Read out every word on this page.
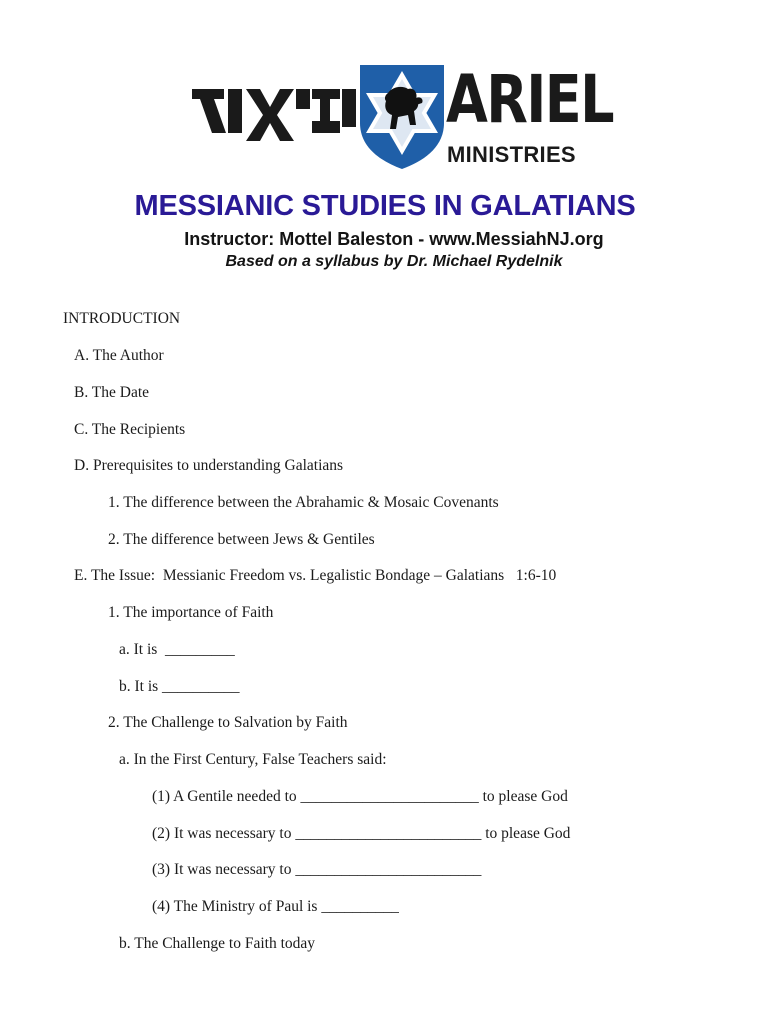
ARIEL
MINISTRIES
MESSIANIC STUDIES IN GALATIANS
Instructor: Mottel Baleston - www.MessiahNJ.org
Based on a syllabus by Dr. Michael Rydelnik
INTRODUCTION
A. The Author
B. The Date
C. The Recipients
D. Prerequisites to understanding Galatians
1. The difference between the Abrahamic & Mosaic Covenants
2. The difference between Jews & Gentiles
E. The Issue:  Messianic Freedom vs. Legalistic Bondage – Galatians   1:6-10
1. The importance of Faith
a. It is  _________
b. It is __________
2. The Challenge to Salvation by Faith
a. In the First Century, False Teachers said:
(1) A Gentile needed to _______________________ to please God
(2) It was necessary to ________________________ to please God
(3) It was necessary to ________________________
(4) The Ministry of Paul is __________
b. The Challenge to Faith today
